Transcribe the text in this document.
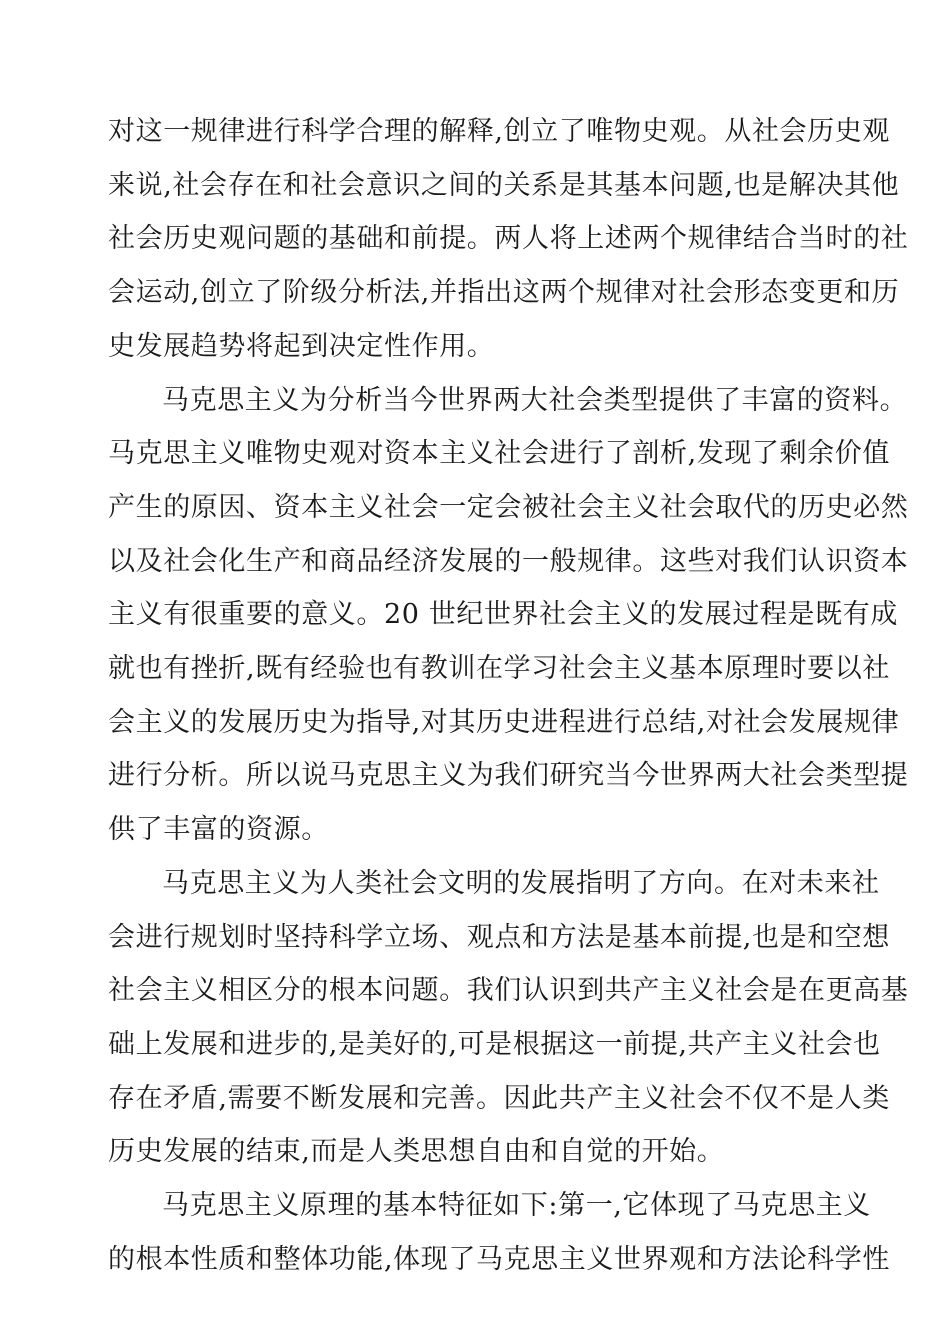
对这一规律进行科学合理的解释,创立了唯物史观。从社会历史观
来说,社会存在和社会意识之间的关系是其基本问题,也是解决其他
社会历史观问题的基础和前提。两人将上述两个规律结合当时的社
会运动,创立了阶级分析法,并指出这两个规律对社会形态变更和历
史发展趋势将起到决定性作用。
马克思主义为分析当今世界两大社会类型提供了丰富的资料。
马克思主义唯物史观对资本主义社会进行了剖析,发现了剩余价值
产生的原因、资本主义社会一定会被社会主义社会取代的历史必然
以及社会化生产和商品经济发展的一般规律。这些对我们认识资本
主义有很重要的意义。20 世纪世界社会主义的发展过程是既有成
就也有挫折,既有经验也有教训在学习社会主义基本原理时要以社
会主义的发展历史为指导,对其历史进程进行总结,对社会发展规律
进行分析。所以说马克思主义为我们研究当今世界两大社会类型提
供了丰富的资源。
马克思主义为人类社会文明的发展指明了方向。在对未来社
会进行规划时坚持科学立场、观点和方法是基本前提,也是和空想
社会主义相区分的根本问题。我们认识到共产主义社会是在更高基
础上发展和进步的,是美好的,可是根据这一前提,共产主义社会也
存在矛盾,需要不断发展和完善。因此共产主义社会不仅不是人类
历史发展的结束,而是人类思想自由和自觉的开始。
马克思主义原理的基本特征如下:第一,它体现了马克思主义
的根本性质和整体功能,体现了马克思主义世界观和方法论科学性
